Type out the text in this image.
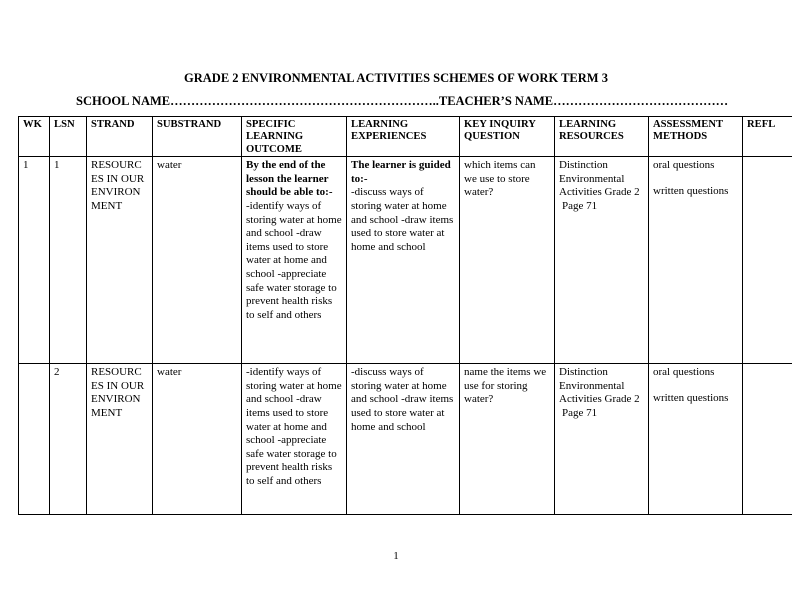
GRADE 2 ENVIRONMENTAL ACTIVITIES SCHEMES OF WORK TERM 3
SCHOOL NAME………………………………………………………..TEACHER’S NAME……………………………………
WK	LSN	STRAND	SUBSTRAND	SPECIFIC LEARNING OUTCOME	LEARNING EXPERIENCES	KEY INQUIRY QUESTION	LEARNING RESOURCES	ASSESSMENT METHODS	REFL
1	1	RESOURCES IN OUR ENVIRONMENT	water	By the end of the lesson the learner should be able to:-
-identify ways of storing water at home and school -draw items used to store water at home and school -appreciate safe water storage to prevent health risks to self and others	The learner is guided to:-
-discuss ways of storing water at home and school -draw items used to store water at home and school	which items can we use to store water?	Distinction Environmental Activities Grade 2
Page 71	oral questions
written questions	

	2	RESOURCES IN OUR ENVIRONMENT	water	-identify ways of storing water at home and school -draw items used to store water at home and school -appreciate safe water storage to prevent health risks to self and others	-discuss ways of storing water at home and school -draw items used to store water at home and school	name the items we use for storing water?	Distinction Environmental Activities Grade 2
Page 71	oral questions
written questions	

1
